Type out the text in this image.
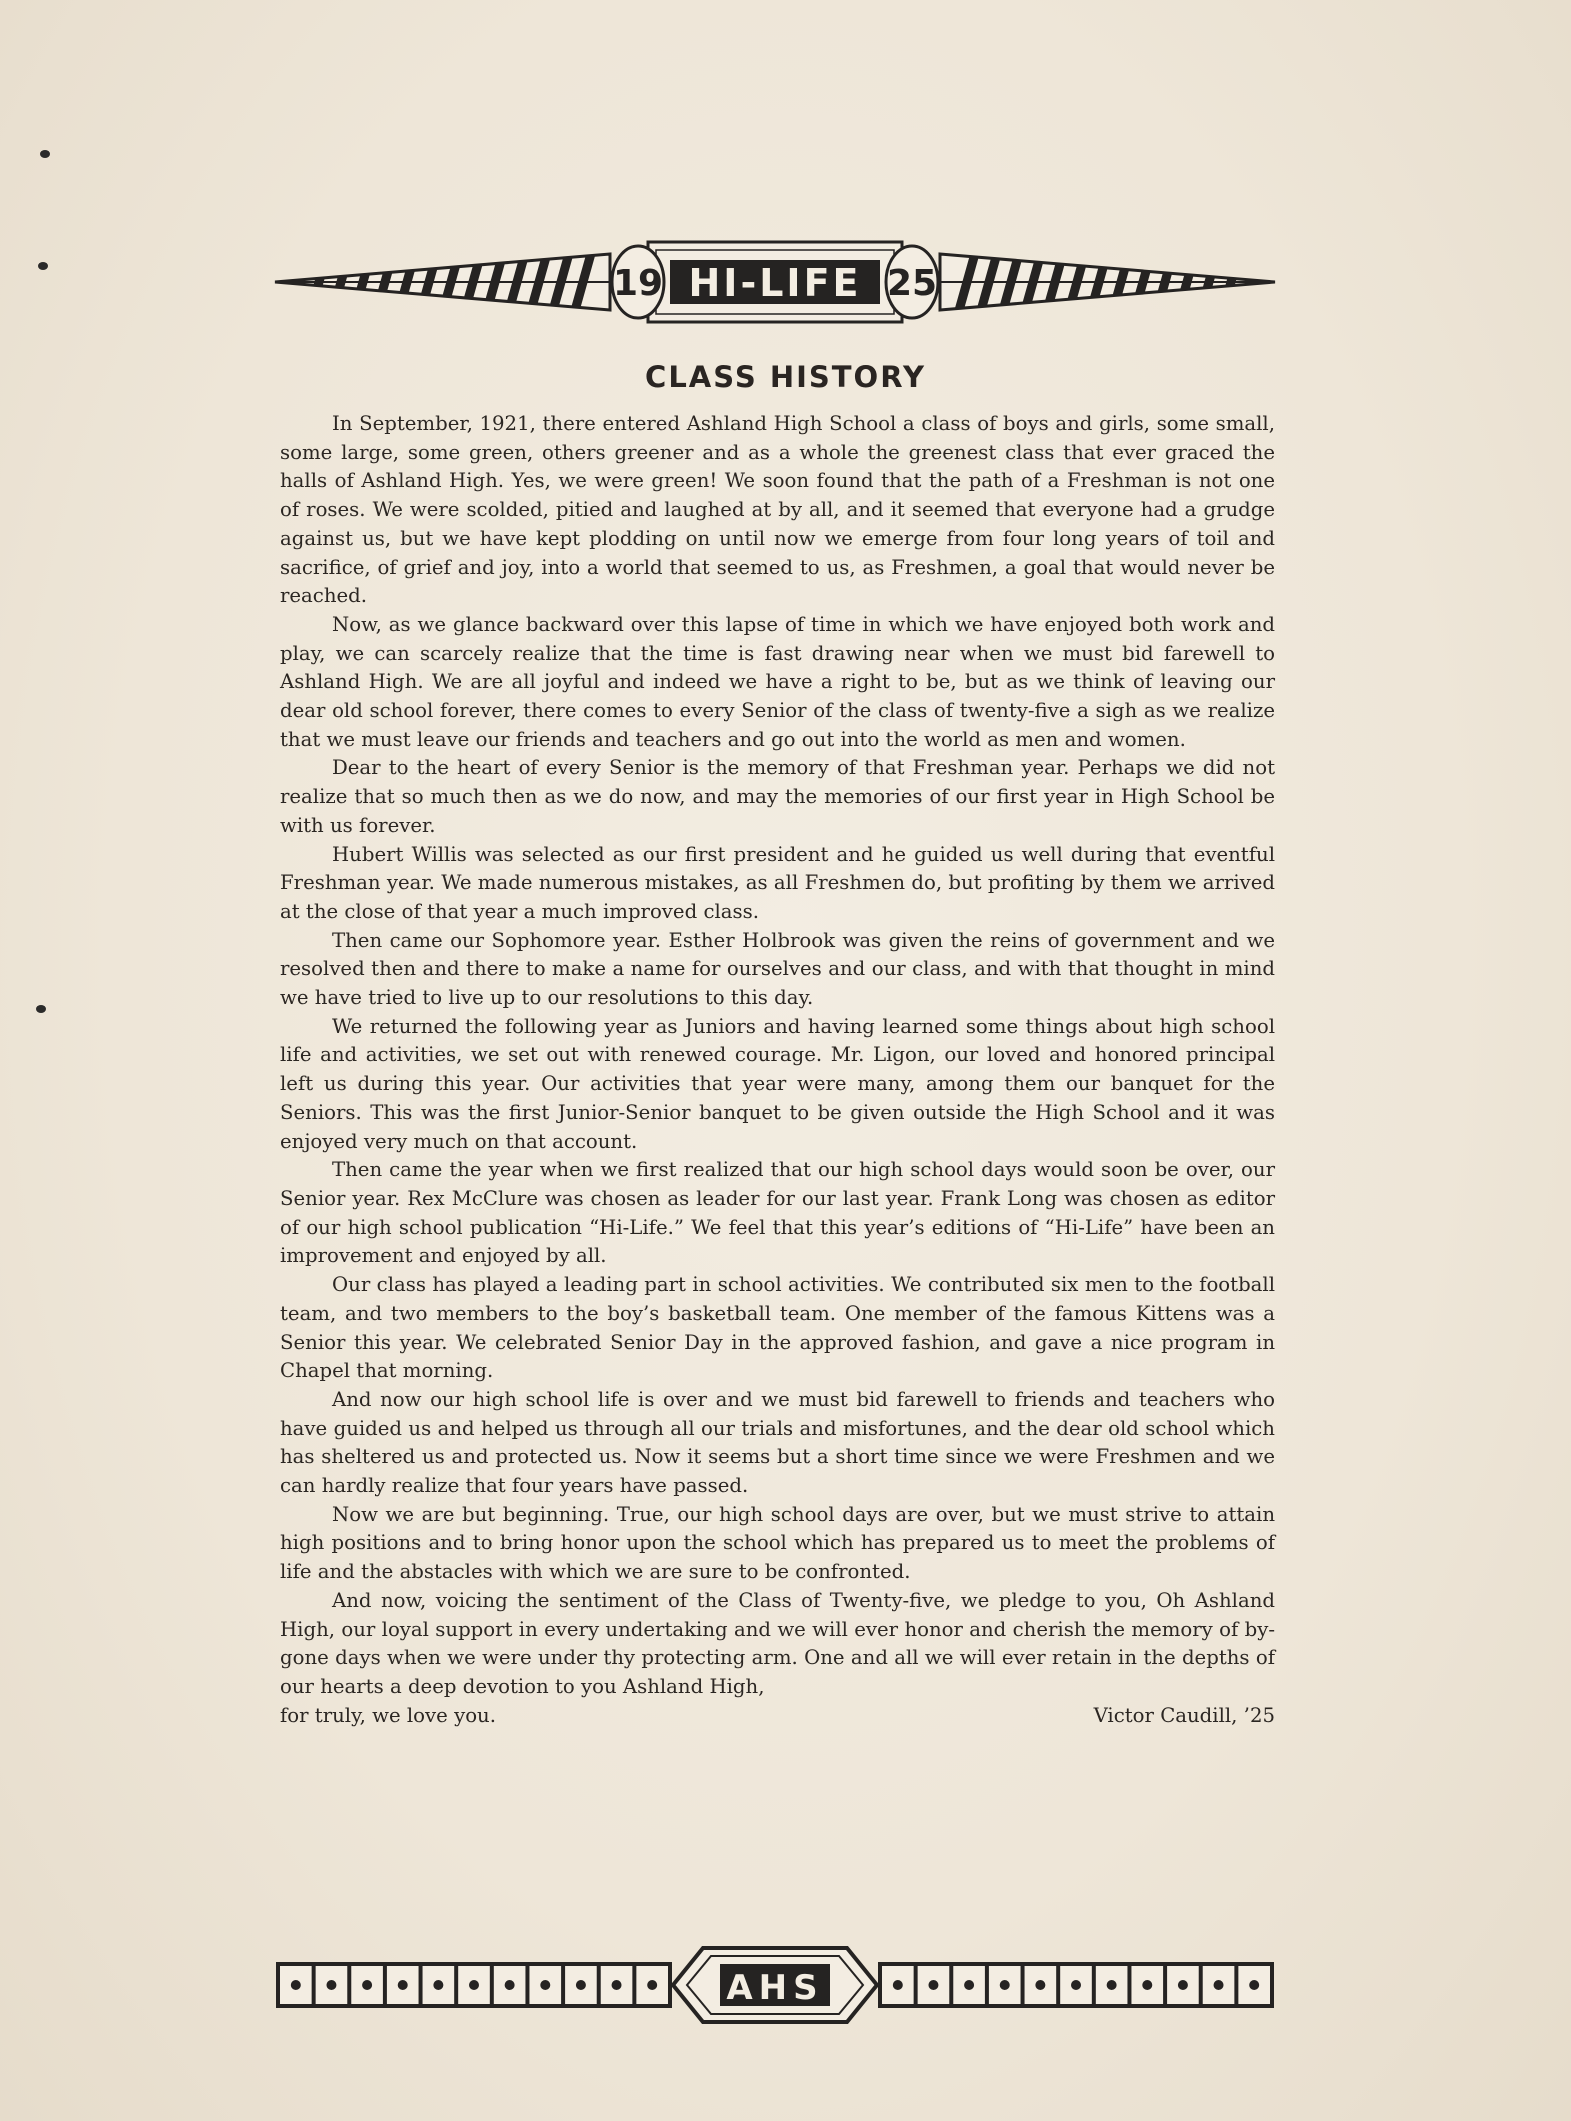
19	25
HI-LIFE
CLASS HISTORY

In September, 1921, there entered Ashland High School a class of boys and girls, some small, some large, some green, others greener and as a whole the greenest class that ever graced the halls of Ashland High. Yes, we were green! We soon found that the path of a Freshman is not one of roses. We were scolded, pitied and laughed at by all, and it seemed that everyone had a grudge against us, but we have kept plodding on until now we emerge from four long years of toil and sacrifice, of grief and joy, into a world that seemed to us, as Freshmen, a goal that would never be reached.

Now, as we glance backward over this lapse of time in which we have enjoyed both work and play, we can scarcely realize that the time is fast drawing near when we must bid farewell to Ashland High. We are all joyful and indeed we have a right to be, but as we think of leaving our dear old school forever, there comes to every Senior of the class of twenty-five a sigh as we realize that we must leave our friends and teachers and go out into the world as men and women.

Dear to the heart of every Senior is the memory of that Freshman year. Perhaps we did not realize that so much then as we do now, and may the memories of our first year in High School be with us forever.

Hubert Willis was selected as our first president and he guided us well during that eventful Freshman year. We made numerous mistakes, as all Freshmen do, but profiting by them we arrived at the close of that year a much improved class.

Then came our Sophomore year. Esther Holbrook was given the reins of government and we resolved then and there to make a name for ourselves and our class, and with that thought in mind we have tried to live up to our resolutions to this day.

We returned the following year as Juniors and having learned some things about high school life and activities, we set out with renewed courage. Mr. Ligon, our loved and honored principal left us during this year. Our activities that year were many, among them our banquet for the Seniors. This was the first Junior-Senior banquet to be given outside the High School and it was enjoyed very much on that account.

Then came the year when we first realized that our high school days would soon be over, our Senior year. Rex McClure was chosen as leader for our last year. Frank Long was chosen as editor of our high school publication “Hi-Life.” We feel that this year’s editions of “Hi-Life” have been an improvement and enjoyed by all.

Our class has played a leading part in school activities. We contributed six men to the football team, and two members to the boy’s basketball team. One member of the famous Kittens was a Senior this year. We celebrated Senior Day in the approved fashion, and gave a nice program in Chapel that morning.

And now our high school life is over and we must bid farewell to friends and teachers who have guided us and helped us through all our trials and misfortunes, and the dear old school which has sheltered us and protected us. Now it seems but a short time since we were Freshmen and we can hardly realize that four years have passed.

Now we are but beginning. True, our high school days are over, but we must strive to attain high positions and to bring honor upon the school which has prepared us to meet the problems of life and the abstacles with which we are sure to be confronted.

And now, voicing the sentiment of the Class of Twenty-five, we pledge to you, Oh Ashland High, our loyal support in every undertaking and we will ever honor and cherish the memory of by-gone days when we were under thy protecting arm. One and all we will ever retain in the depths of our hearts a deep devotion to you Ashland High,

for truly, we love you.	Victor Caudill, ’25

AHS
